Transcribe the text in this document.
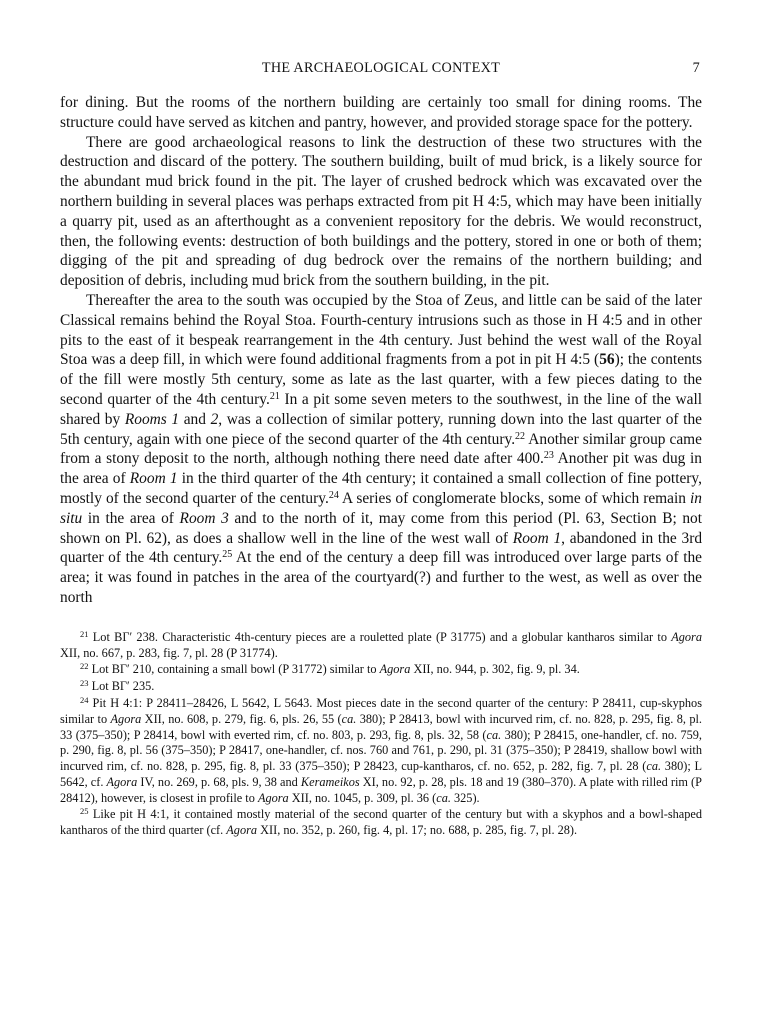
THE ARCHAEOLOGICAL CONTEXT	7

for dining. But the rooms of the northern building are certainly too small for dining rooms. The structure could have served as kitchen and pantry, however, and provided storage space for the pottery.

There are good archaeological reasons to link the destruction of these two structures with the destruction and discard of the pottery. The southern building, built of mud brick, is a likely source for the abundant mud brick found in the pit. The layer of crushed bedrock which was excavated over the northern building in several places was perhaps extracted from pit H 4:5, which may have been initially a quarry pit, used as an afterthought as a convenient repository for the debris. We would reconstruct, then, the following events: destruction of both buildings and the pottery, stored in one or both of them; digging of the pit and spreading of dug bedrock over the remains of the northern building; and deposition of debris, including mud brick from the southern building, in the pit.

Thereafter the area to the south was occupied by the Stoa of Zeus, and little can be said of the later Classical remains behind the Royal Stoa. Fourth-century intrusions such as those in H 4:5 and in other pits to the east of it bespeak rearrangement in the 4th century. Just behind the west wall of the Royal Stoa was a deep fill, in which were found additional fragments from a pot in pit H 4:5 (56); the contents of the fill were mostly 5th century, some as late as the last quarter, with a few pieces dating to the second quarter of the 4th century.$^{21}$ In a pit some seven meters to the southwest, in the line of the wall shared by Rooms 1 and 2, was a collection of similar pottery, running down into the last quarter of the 5th century, again with one piece of the second quarter of the 4th century.$^{22}$ Another similar group came from a stony deposit to the north, although nothing there need date after 400.23 Another pit was dug in the area of Room 1 in the third quarter of the 4th century; it contained a small collection of fine pottery, mostly of the second quarter of the century.$^{24}$ A series of conglomerate blocks, some of which remain in situ in the area of Room 3 and to the north of it, may come from this period (Pl. 63, Section B; not shown on Pl. 62), as does a shallow well in the line of the west wall of Room 1, abandoned in the 3rd quarter of the 4th century.$^{25}$ At the end of the century a deep fill was introduced over large parts of the area; it was found in patches in the area of the courtyard(?) and further to the west, as well as over the north

$^{21}$ Lot BΓ′ 238. Characteristic 4th-century pieces are a rouletted plate (P 31775) and a globular kantharos similar to Agora XII, no. 667, p. 283, fig. 7, pl. 28 (P 31774).

$^{22}$ Lot BΓ′ 210, containing a small bowl (P 31772) similar to Agora XII, no. 944, p. 302, fig. 9, pl. 34.

$^{23}$ Lot BΓ′ 235.

$^{24}$ Pit H 4:1: P 28411–28426, L 5642, L 5643. Most pieces date in the second quarter of the century: P 28411, cup-skyphos similar to Agora XII, no. 608, p. 279, fig. 6, pls. 26, 55 (ca. 380); P 28413, bowl with incurved rim, cf. no. 828, p. 295, fig. 8, pl. 33 (375–350); P 28414, bowl with everted rim, cf. no. 803, p. 293, fig. 8, pls. 32, 58 (ca. 380); P 28415, one-handler, cf. no. 759, p. 290, fig. 8, pl. 56 (375–350); P 28417, one-handler, cf. nos. 760 and 761, p. 290, pl. 31 (375–350); P 28419, shallow bowl with incurved rim, cf. no. 828, p. 295, fig. 8, pl. 33 (375–350); P 28423, cup-kantharos, cf. no. 652, p. 282, fig. 7, pl. 28 (ca. 380); L 5642, cf. Agora IV, no. 269, p. 68, pls. 9, 38 and Kerameikos XI, no. 92, p. 28, pls. 18 and 19 (380–370). A plate with rilled rim (P 28412), however, is closest in profile to Agora XII, no. 1045, p. 309, pl. 36 (ca. 325).

$^{25}$ Like pit H 4:1, it contained mostly material of the second quarter of the century but with a skyphos and a bowl-shaped kantharos of the third quarter (cf. Agora XII, no. 352, p. 260, fig. 4, pl. 17; no. 688, p. 285, fig. 7, pl. 28).
